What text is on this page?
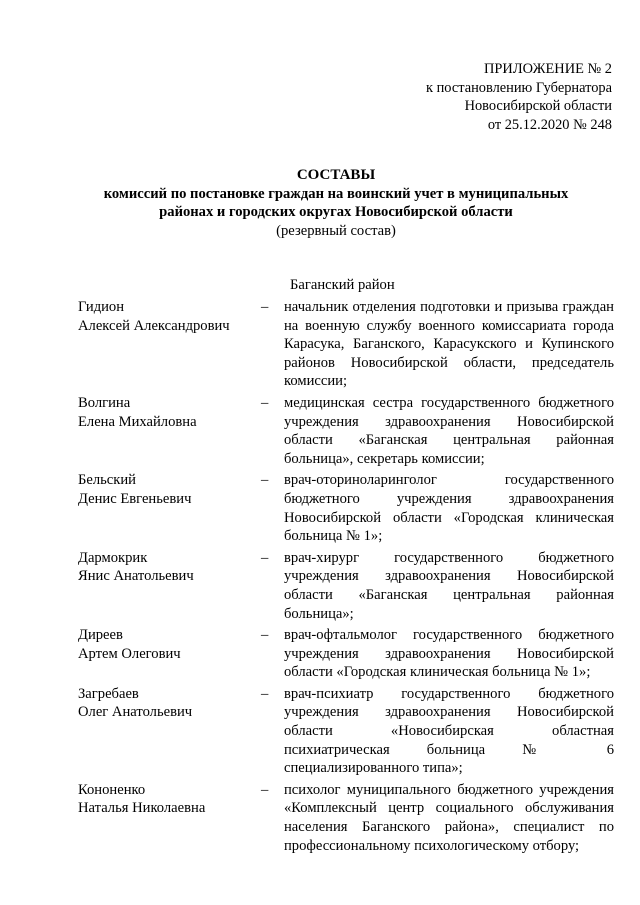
ПРИЛОЖЕНИЕ № 2
к постановлению Губернатора
Новосибирской области
от 25.12.2020 № 248
СОСТАВЫ
комиссий по постановке граждан на воинский учет в муниципальных
районах и городских округах Новосибирской области
(резервный состав)
Баганский район
Гидион
Алексей Александрович
–	начальник отделения подготовки и призыва граждан на военную службу военного комиссариата города Карасука, Баганского, Карасукского и Купинского районов Новосибирской области, председатель комиссии;
Волгина
Елена Михайловна
–	медицинская сестра государственного бюджетного учреждения здравоохранения Новосибирской области «Баганская центральная районная больница», секретарь комиссии;
Бельский
Денис Евгеньевич
–	врач-оториноларинголог государственного бюджетного учреждения здравоохранения Новосибирской области «Городская клиническая больница № 1»;
Дармокрик
Янис Анатольевич
–	врач-хирург государственного бюджетного учреждения здравоохранения Новосибирской области «Баганская центральная районная больница»;
Диреев
Артем Олегович
–	врач-офтальмолог государственного бюджетного учреждения здравоохранения Новосибирской области «Городская клиническая больница № 1»;
Загребаев
Олег Анатольевич
–	врач-психиатр государственного бюджетного учреждения здравоохранения Новосибирской области «Новосибирская областная психиатрическая больница № 6 специализированного типа»;
Кононенко
Наталья Николаевна
–	психолог муниципального бюджетного учреждения «Комплексный центр социального обслуживания населения Баганского района», специалист по профессиональному психологическому отбору;
